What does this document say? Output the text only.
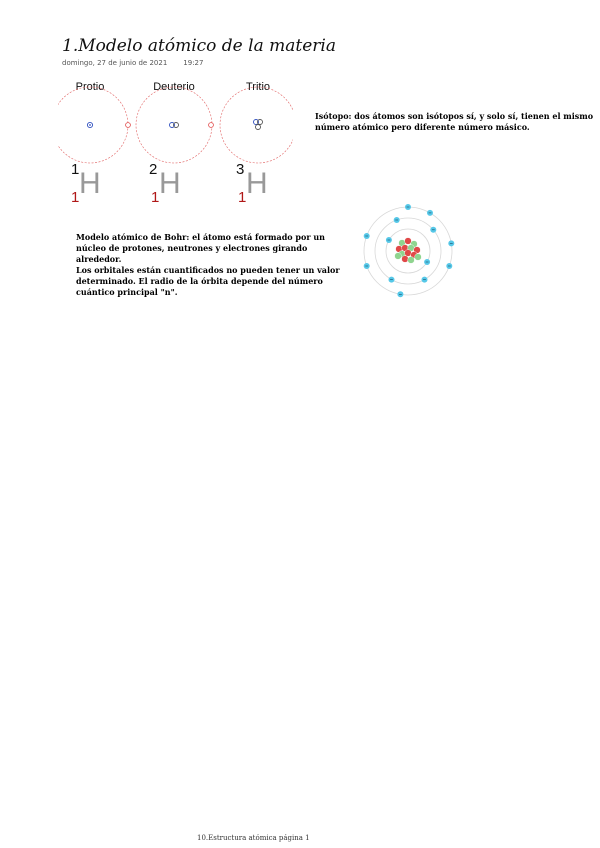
1.Modelo atómico de la materia
domingo, 27 de junio de 2021 19:27
Protio
1
1 H
Deuterio
2
1 H
Tritio
3
1 H
Isótopo: dos átomos son isótopos sí, y solo sí, tienen el mismo número atómico pero diferente número másico.

Modelo atómico de Bohr: el átomo está formado por un núcleo de protones, neutrones y electrones girando alrededor.

Los orbitales están cuantificados no pueden tener un valor determinado. El radio de la órbita depende del número cuántico principal "n".

10.Estructura atómica página 1
